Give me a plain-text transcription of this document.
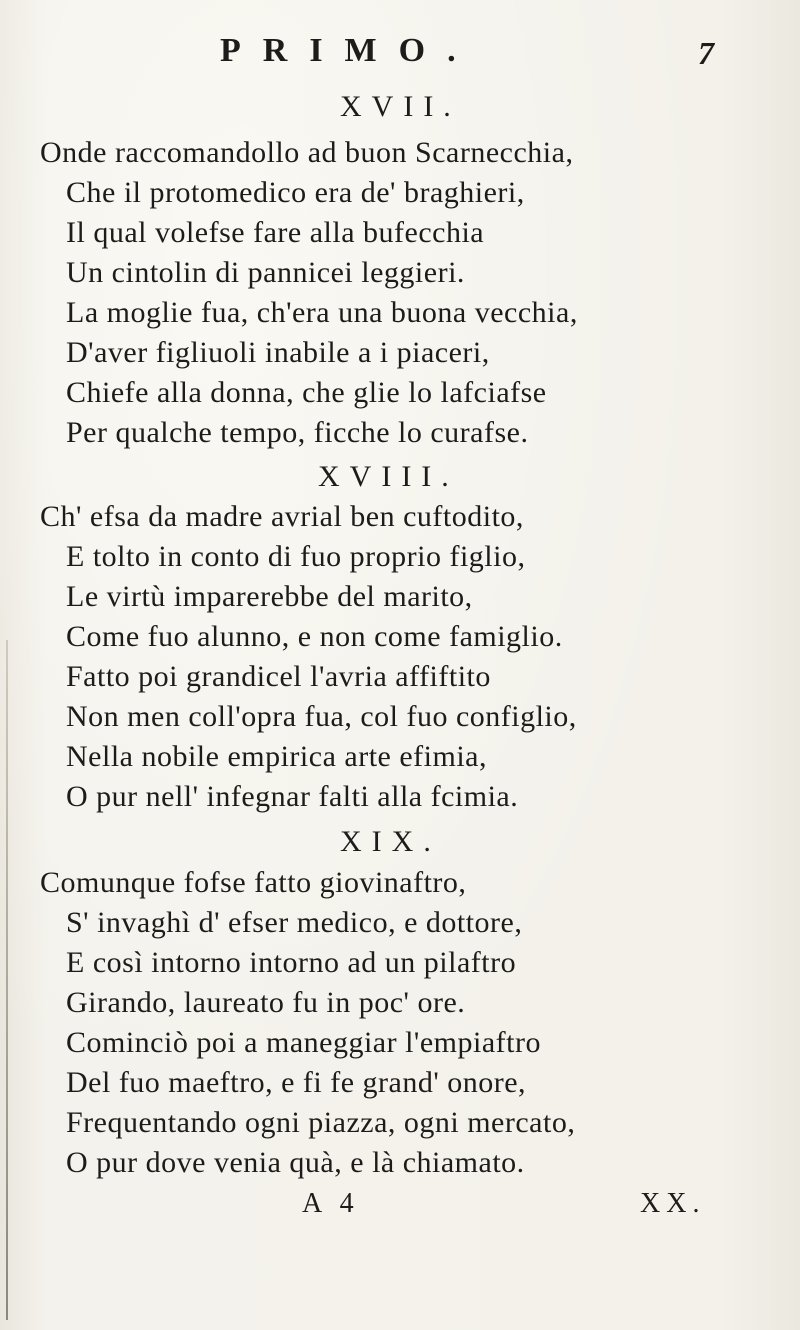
PRIMO.	7
XVII.
Onde raccomandollo ad buon Scarnecchia,
Che il protomedico era de' braghieri,
Il qual volefse fare alla bufecchia
Un cintolin di pannicei leggieri.
La moglie fua, ch'era una buona vecchia,
D'aver figliuoli inabile a i piaceri,
Chiefe alla donna, che glie lo lafciafse
Per qualche tempo, ficche lo curafse.
XVIII.
Ch' efsa da madre avrial ben cuftodito,
E tolto in conto di fuo proprio figlio,
Le virtù imparerebbe del marito,
Come fuo alunno, e non come famiglio.
Fatto poi grandicel l'avria affiftito
Non men coll'opra fua, col fuo configlio,
Nella nobile empirica arte efimia,
O pur nell' infegnar falti alla fcimia.
XIX.
Comunque fofse fatto giovinaftro,
S' invaghì d' efser medico, e dottore,
E così intorno intorno ad un pilaftro
Girando, laureato fu in poc' ore.
Cominciò poi a maneggiar l'empiaftro
Del fuo maeftro, e fi fe grand' onore,
Frequentando ogni piazza, ogni mercato,
O pur dove venia quà, e là chiamato.
A 4	XX.
